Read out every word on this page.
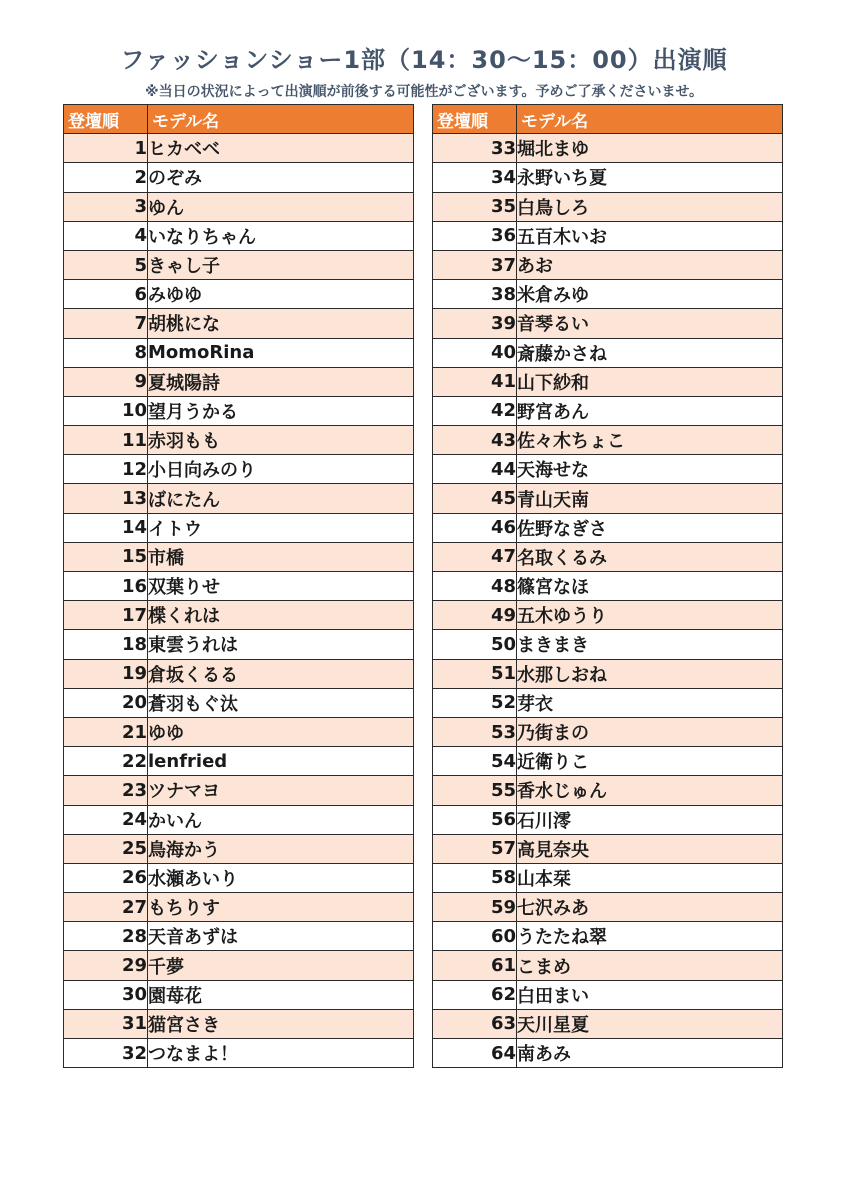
ファッションショー1部（14：30〜15：00）出演順
※当日の状況によって出演順が前後する可能性がございます。予めご了承くださいませ。
登壇順	モデル名
1	ヒカベベ
2	のぞみ
3	ゆん
4	いなりちゃん
5	きゃし子
6	みゆゆ
7	胡桃にな
8	MomoRina
9	夏城陽詩
10	望月うかる
11	赤羽もも
12	小日向みのり
13	ばにたん
14	イトウ
15	市橋
16	双葉りせ
17	楪くれは
18	東雲うれは
19	倉坂くるる
20	蒼羽もぐ汰
21	ゆゆ
22	lenfried
23	ツナマヨ
24	かいん
25	鳥海かう
26	水瀬あいり
27	もちりす
28	天音あずは
29	千夢
30	園苺花
31	猫宮さき
32	つなまよ！
登壇順	モデル名
33	堀北まゆ
34	永野いち夏
35	白鳥しろ
36	五百木いお
37	あお
38	米倉みゆ
39	音琴るい
40	斎藤かさね
41	山下紗和
42	野宮あん
43	佐々木ちょこ
44	天海せな
45	青山天南
46	佐野なぎさ
47	名取くるみ
48	篠宮なほ
49	五木ゆうり
50	まきまき
51	水那しおね
52	芽衣
53	乃街まの
54	近衛りこ
55	香水じゅん
56	石川澪
57	高見奈央
58	山本栞
59	七沢みあ
60	うたたね翠
61	こまめ
62	白田まい
63	天川星夏
64	南あみ
